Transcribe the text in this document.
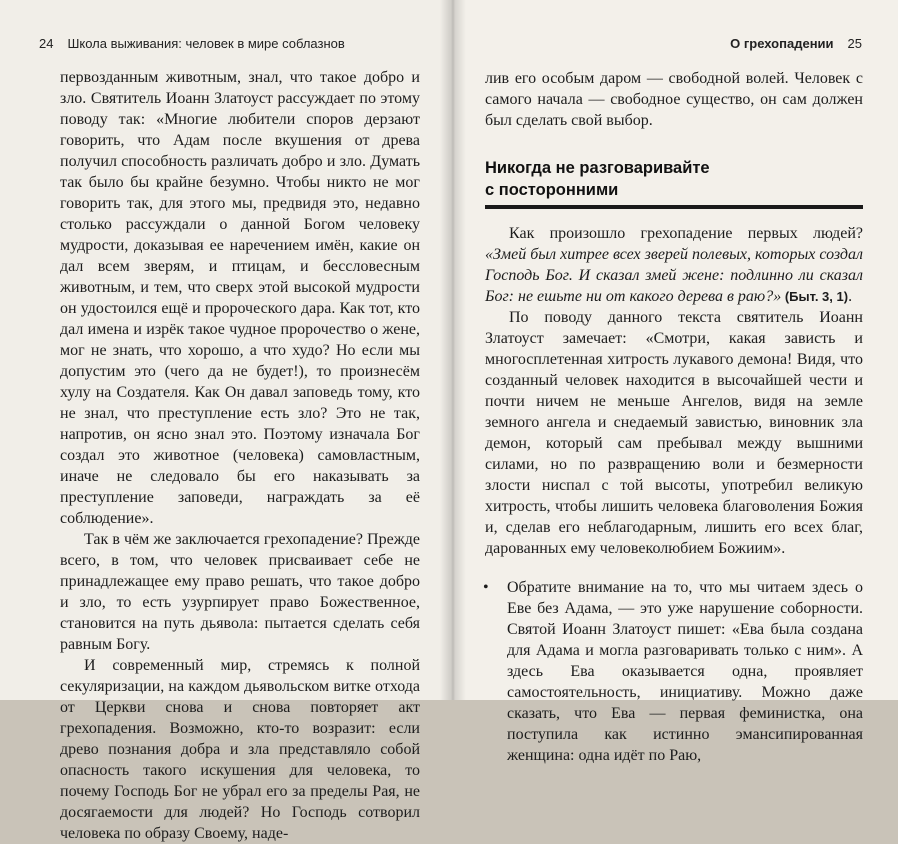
24 Школа выживания: человек в мире соблазнов

первозданным животным, знал, что такое добро и зло. Святитель Иоанн Златоуст рассуждает по этому поводу так: «Многие любители споров дерзают говорить, что Адам после вкушения от древа получил способность различать добро и зло. Думать так было бы крайне безумно. Чтобы никто не мог говорить так, для этого мы, предвидя это, недавно столько рассуждали о данной Богом человеку мудрости, доказывая ее наречением имён, какие он дал всем зверям, и птицам, и бессловесным животным, и тем, что сверх этой высокой мудрости он удостоился ещё и пророческого дара. Как тот, кто дал имена и изрёк такое чудное пророчество о жене, мог не знать, что хорошо, а что худо? Но если мы допустим это (чего да не будет!), то произнесём хулу на Создателя. Как Он давал заповедь тому, кто не знал, что преступление есть зло? Это не так, напротив, он ясно знал это. Поэтому изначала Бог создал это животное (человека) самовластным, иначе не следовало бы его наказывать за преступление заповеди, награждать за её соблюдение».

Так в чём же заключается грехопадение? Прежде всего, в том, что человек присваивает себе не принадлежащее ему право решать, что такое добро и зло, то есть узурпирует право Божественное, становится на путь дьявола: пытается сделать себя равным Богу.

И современный мир, стремясь к полной секуляризации, на каждом дьявольском витке отхода от Церкви снова и снова повторяет акт грехопадения. Возможно, кто-то возразит: если древо познания добра и зла представляло собой опасность такого искушения для человека, то почему Господь Бог не убрал его за пределы Рая, не досягаемости для людей? Но Господь сотворил человека по образу Своему, наде-

О грехопадении 25

лив его особым даром — свободной волей. Человек с самого начала — свободное существо, он сам должен был сделать свой выбор.

Никогда не разговаривайте
с посторонними

Как произошло грехопадение первых людей? «Змей был хитрее всех зверей полевых, которых создал Господь Бог. И сказал змей жене: подлинно ли сказал Бог: не ешьте ни от какого дерева в раю?» (Быт. 3, 1).

По поводу данного текста святитель Иоанн Златоуст замечает: «Смотри, какая зависть и многосплетенная хитрость лукавого демона! Видя, что созданный человек находится в высочайшей чести и почти ничем не меньше Ангелов, видя на земле земного ангела и снедаемый завистью, виновник зла демон, который сам пребывал между вышними силами, но по развращению воли и безмерности злости ниспал с той высоты, употребил великую хитрость, чтобы лишить человека благоволения Божия и, сделав его неблагодарным, лишить его всех благ, дарованных ему человеколюбием Божиим».

• Обратите внимание на то, что мы читаем здесь о Еве без Адама, — это уже нарушение соборности. Святой Иоанн Златоуст пишет: «Ева была создана для Адама и могла разговаривать только с ним». А здесь Ева оказывается одна, проявляет самостоятельность, инициативу. Можно даже сказать, что Ева — первая феминистка, она поступила как истинно эмансипированная женщина: одна идёт по Раю,
